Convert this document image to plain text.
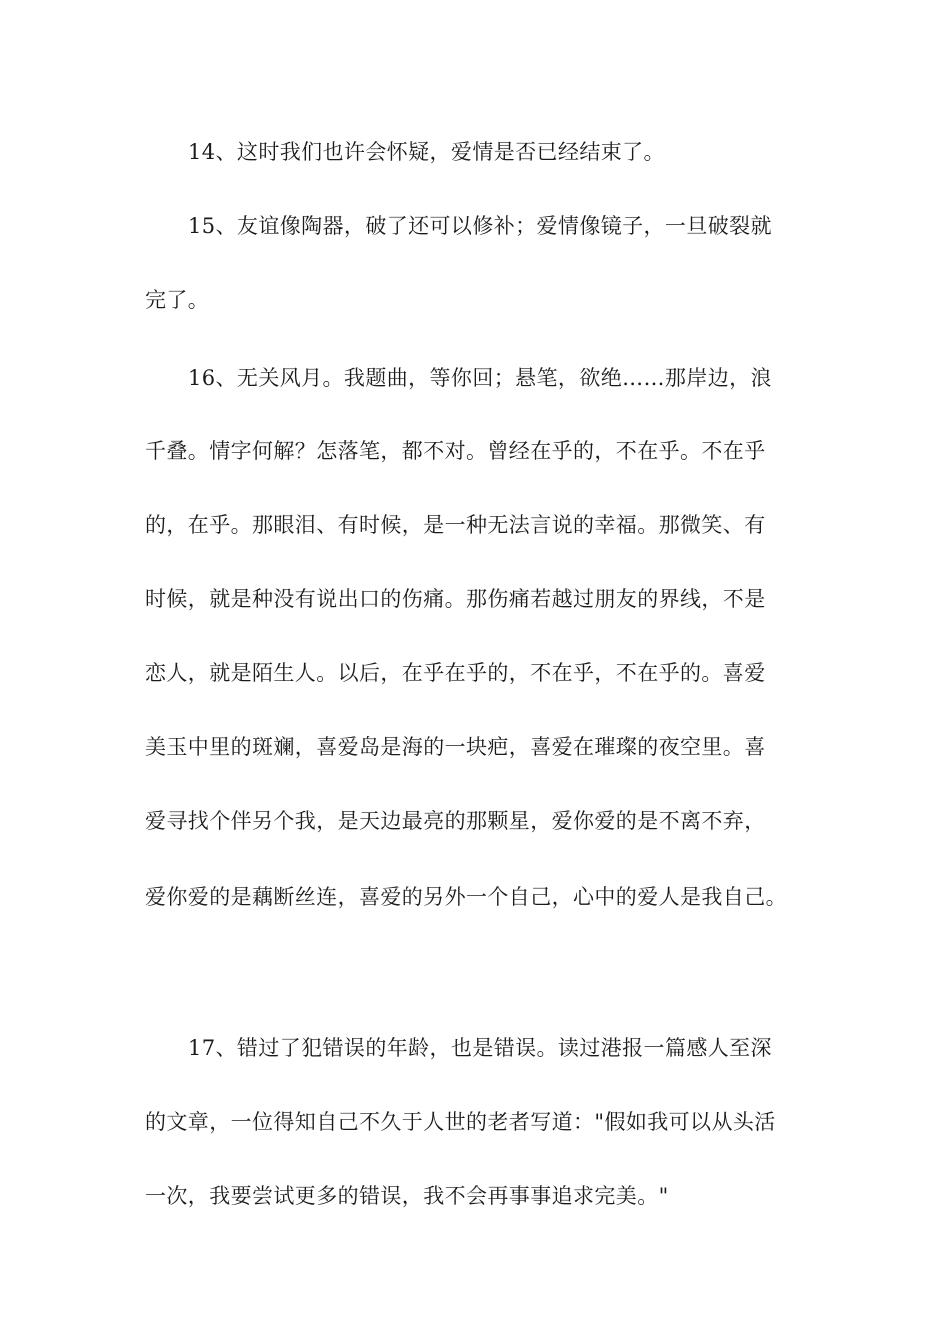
14、这时我们也许会怀疑，爱情是否已经结束了。
15、友谊像陶器，破了还可以修补；爱情像镜子，一旦破裂就
完了。
16、无关风月。我题曲，等你回；悬笔，欲绝……那岸边，浪
千叠。情字何解？怎落笔，都不对。曾经在乎的，不在乎。不在乎
的，在乎。那眼泪、有时候，是一种无法言说的幸福。那微笑、有
时候，就是种没有说出口的伤痛。那伤痛若越过朋友的界线，不是
恋人，就是陌生人。以后，在乎在乎的，不在乎，不在乎的。喜爱
美玉中里的斑斓，喜爱岛是海的一块疤，喜爱在璀璨的夜空里。喜
爱寻找个伴另个我，是天边最亮的那颗星，爱你爱的是不离不弃，
爱你爱的是藕断丝连，喜爱的另外一个自己，心中的爱人是我自己。
17、错过了犯错误的年龄，也是错误。读过港报一篇感人至深
的文章，一位得知自己不久于人世的老者写道："假如我可以从头活
一次，我要尝试更多的错误，我不会再事事追求完美。"
